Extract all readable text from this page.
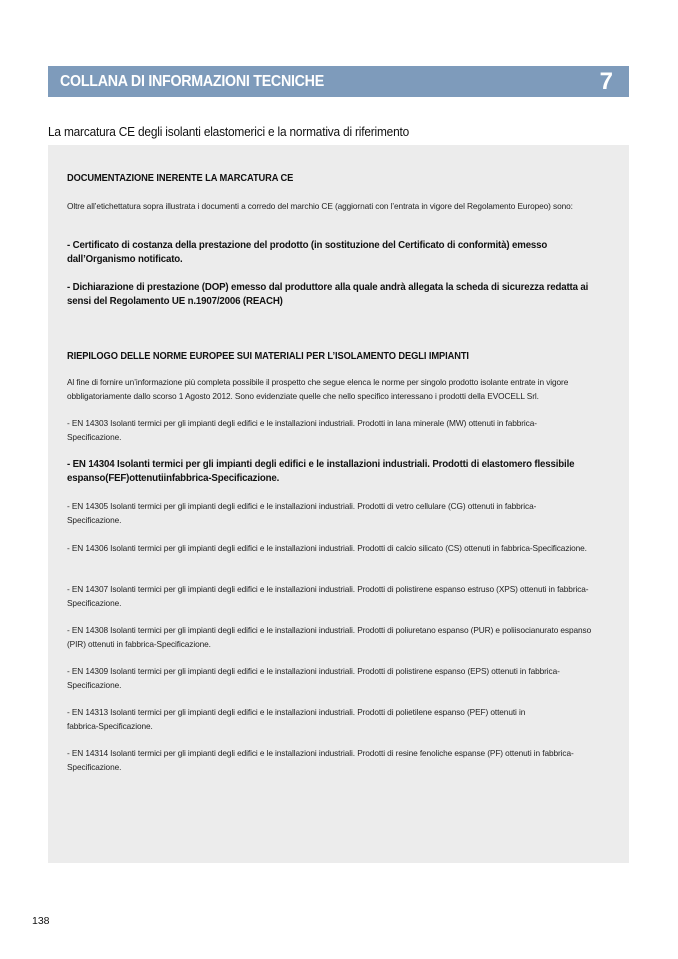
COLLANA DI INFORMAZIONI TECNICHE	7
La marcatura CE degli isolanti elastomerici e la normativa di riferimento
DOCUMENTAZIONE INERENTE LA MARCATURA CE
Oltre all’etichettatura sopra illustrata i documenti a corredo del marchio CE (aggiornati con l’entrata in vigore del Regolamento Europeo) sono:
- Certificato di costanza della prestazione del prodotto (in sostituzione del Certificato di conformità) emesso dall’Organismo notificato.
- Dichiarazione di prestazione (DOP) emesso dal produttore alla quale andrà allegata la scheda di sicurezza redatta ai sensi del Regolamento UE n.1907/2006 (REACH)
RIEPILOGO DELLE NORME EUROPEE SUI MATERIALI PER L’ISOLAMENTO DEGLI IMPIANTI
Al fine di fornire un’informazione più completa possibile il prospetto che segue elenca le norme per singolo prodotto isolante entrate in vigore obbligatoriamente dallo scorso 1 Agosto 2012. Sono evidenziate quelle che nello specifico interessano i prodotti della EVOCELL Srl.
- EN 14303 Isolanti termici per gli impianti degli edifici e le installazioni industriali. Prodotti in lana minerale (MW) ottenuti in fabbrica-Specificazione.
- EN 14304 Isolanti termici per gli impianti degli edifici e le installazioni industriali. Prodotti di elastomero flessibile espanso(FEF)ottenutiinfabbrica-Specificazione.
- EN 14305 Isolanti termici per gli impianti degli edifici e le installazioni industriali. Prodotti di vetro cellulare (CG) ottenuti in fabbrica-Specificazione.
- EN 14306 Isolanti termici per gli impianti degli edifici e le installazioni industriali. Prodotti di calcio silicato (CS) ottenuti in fabbrica-Specificazione.
- EN 14307 Isolanti termici per gli impianti degli edifici e le installazioni industriali. Prodotti di polistirene espanso estruso (XPS) ottenuti in fabbrica-Specificazione.
- EN 14308 Isolanti termici per gli impianti degli edifici e le installazioni industriali. Prodotti di poliuretano espanso (PUR) e poliisocianurato espanso (PIR) ottenuti in fabbrica-Specificazione.
- EN 14309 Isolanti termici per gli impianti degli edifici e le installazioni industriali. Prodotti di polistirene espanso (EPS) ottenuti in fabbrica-Specificazione.
- EN 14313 Isolanti termici per gli impianti degli edifici e le installazioni industriali. Prodotti di polietilene espanso (PEF) ottenuti in fabbrica-Specificazione.
- EN 14314 Isolanti termici per gli impianti degli edifici e le installazioni industriali. Prodotti di resine fenoliche espanse (PF) ottenuti in fabbrica-Specificazione.
138
